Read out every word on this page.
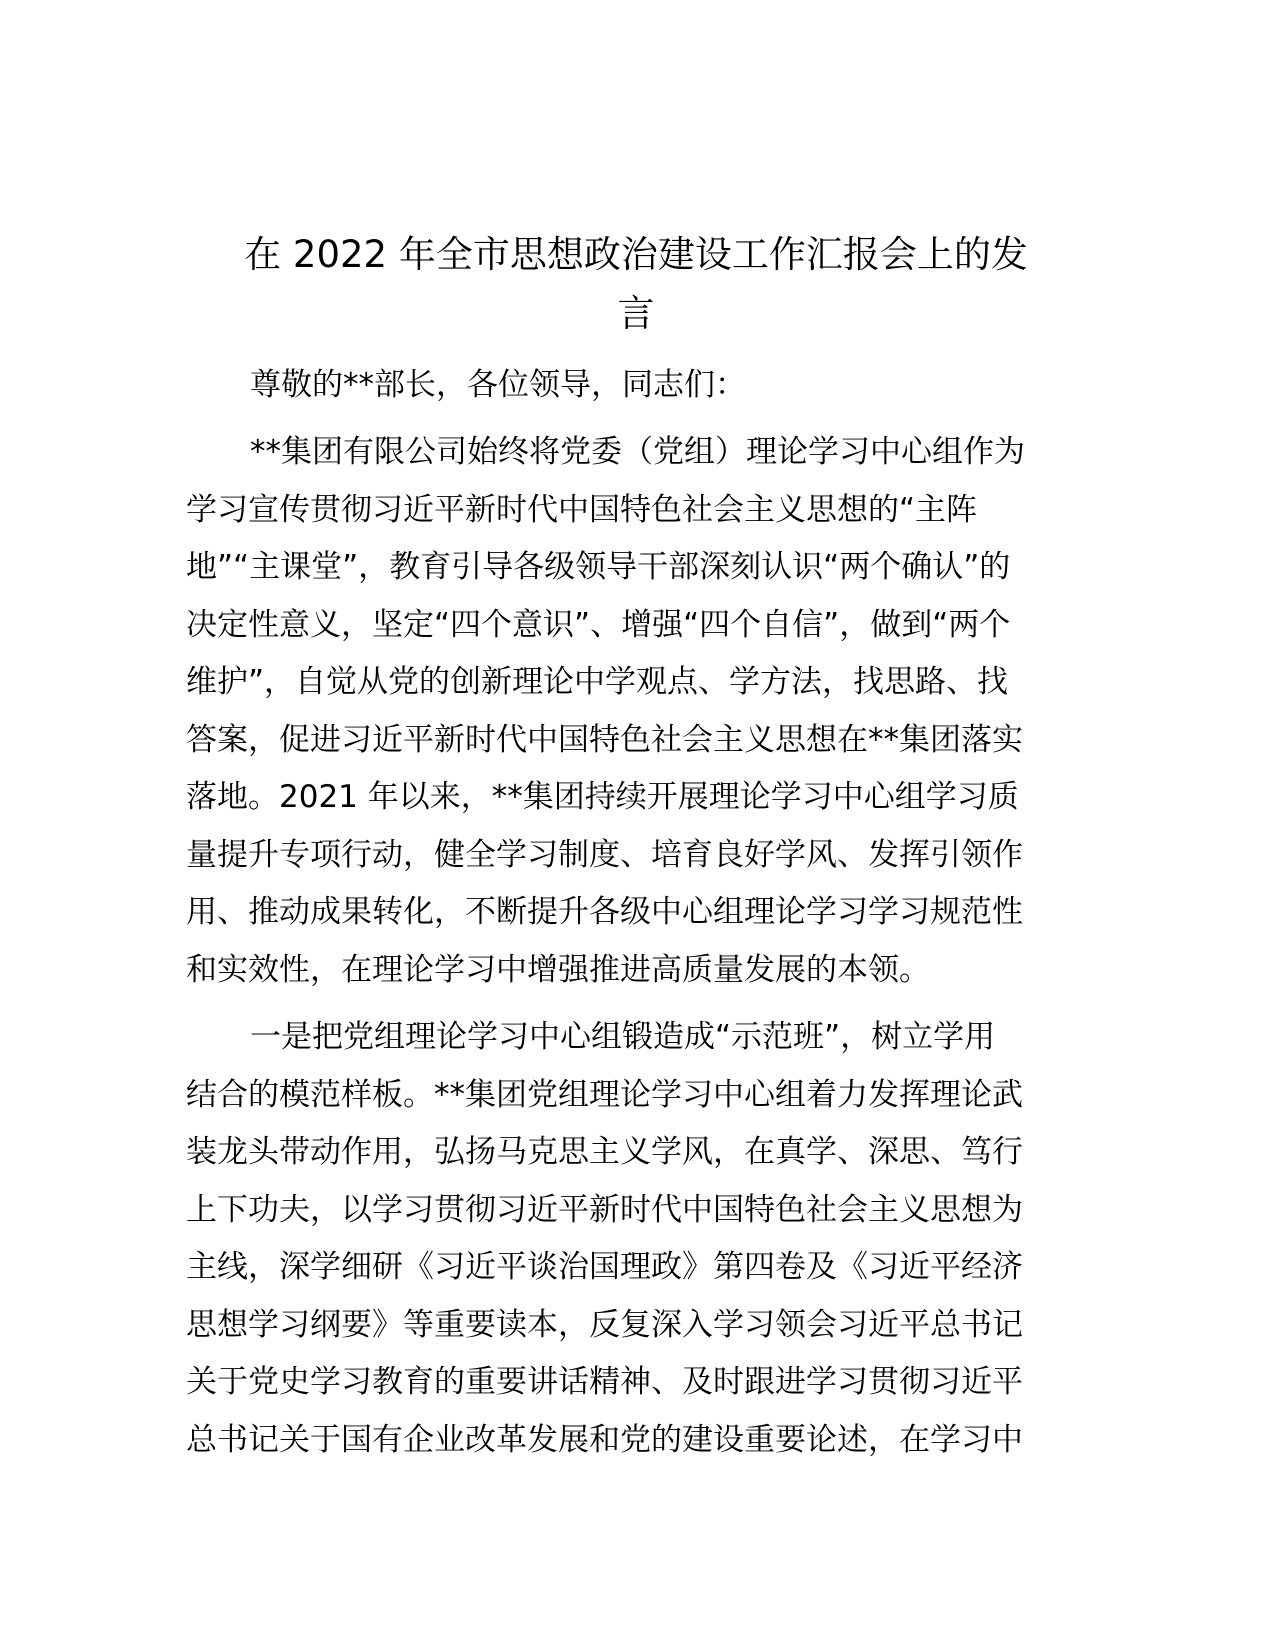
在 2022 年全市思想政治建设工作汇报会上的发
言

尊敬的**部长，各位领导，同志们：

**集团有限公司始终将党委（党组）理论学习中心组作为
学习宣传贯彻习近平新时代中国特色社会主义思想的“主阵
地”“主课堂”，教育引导各级领导干部深刻认识“两个确认”的
决定性意义，坚定“四个意识”、增强“四个自信”，做到“两个
维护”，自觉从党的创新理论中学观点、学方法，找思路、找
答案，促进习近平新时代中国特色社会主义思想在**集团落实
落地。2021 年以来，**集团持续开展理论学习中心组学习质
量提升专项行动，健全学习制度、培育良好学风、发挥引领作
用、推动成果转化，不断提升各级中心组理论学习学习规范性
和实效性，在理论学习中增强推进高质量发展的本领。

一是把党组理论学习中心组锻造成“示范班”，树立学用
结合的模范样板。**集团党组理论学习中心组着力发挥理论武
装龙头带动作用，弘扬马克思主义学风，在真学、深思、笃行
上下功夫，以学习贯彻习近平新时代中国特色社会主义思想为
主线，深学细研《习近平谈治国理政》第四卷及《习近平经济
思想学习纲要》等重要读本，反复深入学习领会习近平总书记
关于党史学习教育的重要讲话精神、及时跟进学习贯彻习近平
总书记关于国有企业改革发展和党的建设重要论述，在学习中
